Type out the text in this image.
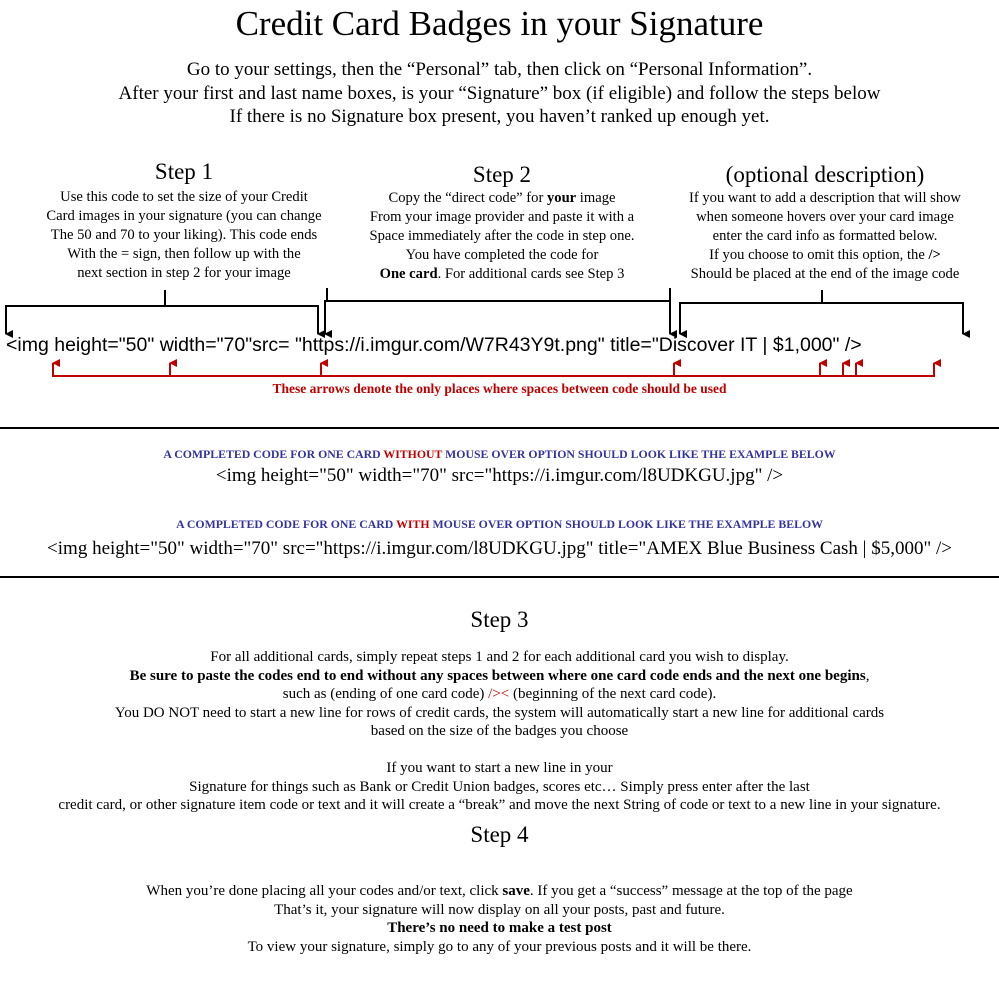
Credit Card Badges in your Signature
Go to your settings, then the “Personal” tab, then click on “Personal Information”.
After your first and last name boxes, is your “Signature” box (if eligible) and follow the steps below
If there is no Signature box present, you haven’t ranked up enough yet.
Step 1
Use this code to set the size of your Credit
Card images in your signature (you can change
The 50 and 70 to your liking). This code ends
With the = sign, then follow up with the
next section in step 2 for your image
Step 2
Copy the “direct code” for your image
From your image provider and paste it with a
Space immediately after the code in step one.
You have completed the code for
One card. For additional cards see Step 3
(optional description)
If you want to add a description that will show
when someone hovers over your card image
enter the card info as formatted below.
If you choose to omit this option, the />
Should be placed at the end of the image code
<img height="50" width="70"src= "https://i.imgur.com/W7R43Y9t.png" title="Discover IT | $1,000" />
These arrows denote the only places where spaces between code should be used
A COMPLETED CODE FOR ONE CARD WITHOUT MOUSE OVER OPTION SHOULD LOOK LIKE THE EXAMPLE BELOW
<img height="50" width="70" src="https://i.imgur.com/l8UDKGU.jpg" />
A COMPLETED CODE FOR ONE CARD WITH MOUSE OVER OPTION SHOULD LOOK LIKE THE EXAMPLE BELOW
<img height="50" width="70" src="https://i.imgur.com/l8UDKGU.jpg" title="AMEX Blue Business Cash | $5,000" />
Step 3
For all additional cards, simply repeat steps 1 and 2 for each additional card you wish to display.
Be sure to paste the codes end to end without any spaces between where one card code ends and the next one begins,
such as (ending of one card code) />< (beginning of the next card code).
You DO NOT need to start a new line for rows of credit cards, the system will automatically start a new line for additional cards
based on the size of the badges you choose
If you want to start a new line in your
Signature for things such as Bank or Credit Union badges, scores etc… Simply press enter after the last
credit card, or other signature item code or text and it will create a “break” and move the next String of code or text to a new line in your signature.
Step 4
When you’re done placing all your codes and/or text, click save. If you get a “success” message at the top of the page
That’s it, your signature will now display on all your posts, past and future.
There’s no need to make a test post
To view your signature, simply go to any of your previous posts and it will be there.
